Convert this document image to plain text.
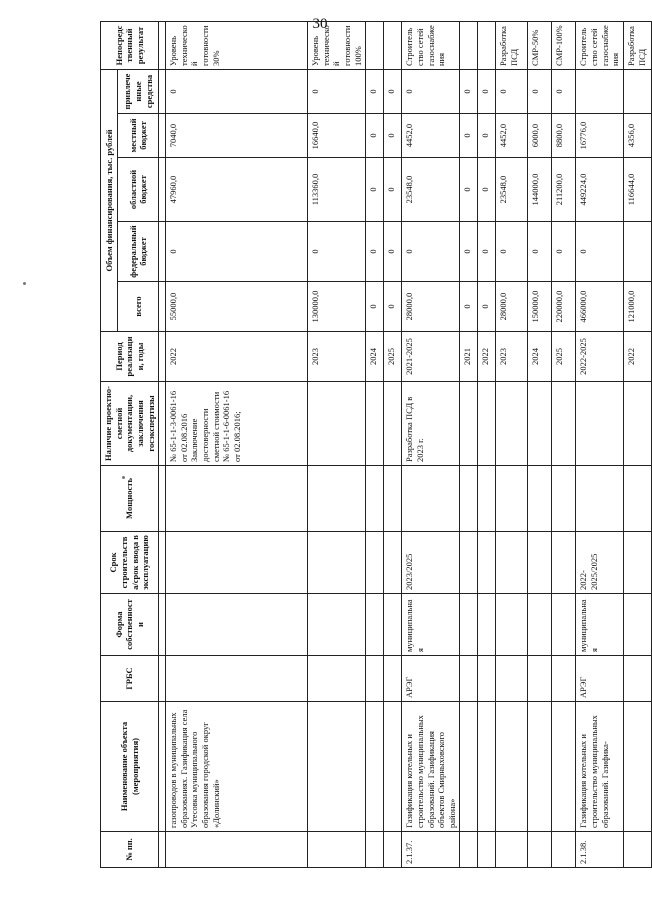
30
№ пп.	Наименование объекта (мероприятия)	ГРБС	Форма собственности	Срок строительства/срок ввода в эксплуатацию	Мощность	Наличие проектно-сметной документации, заключения госэкспертизы	Период реализации, годы	Объем финансирования, тыс. рублей					Непосредственный результат
								всего	федеральный бюджет	областной бюджет	местный бюджет	привлеченные средства	

	газопроводов в муниципальных образованиях. Газификация села Утесовка муниципального образования городской округ «Долинский»					№ 65-1-1-3-0061-16 от 02.08.2016 Заключение достоверности сметной стоимости № 65-1-1-6-0061-16 от 02.08.2016;	2022	55000,0	0	47960,0	7040,0	0	Уровень технической готовности 30%
							2023	130000,0	0	113360,0	16640,0	0	Уровень технической готовности 100%
							2024	0	0	0	0	0	
							2025	0	0	0	0	0	
2.1.37.	Газификация котельных и строительство муниципальных образований. Газификация объектов Смирныховского района»	АРЭГ	муниципальная	2023/2025		Разработка ПСД в 2023 г.	2021-2025	28000,0	0	23548,0	4452,0	0	Строительство сетей газоснабжения
							2021	0	0	0	0	0	
							2022	0	0	0	0	0	
							2023	28000,0	0	23548,0	4452,0	0	Разработка ПСД
							2024	150000,0	0	144000,0	6000,0	0	СМР-50%
							2025	220000,0	0	211200,0	8800,0	0	СМР-100%
2.1.38.	Газификация котельных и строительство муниципальных образований. Газифика-	АРЭГ	муниципальная	2022-2025/2025			2022-2025	466000,0	0	449224,0	16776,0		Строительство сетей газоснабжения
							2022	121000,0		116644,0	4356,0		Разработка ПСД
